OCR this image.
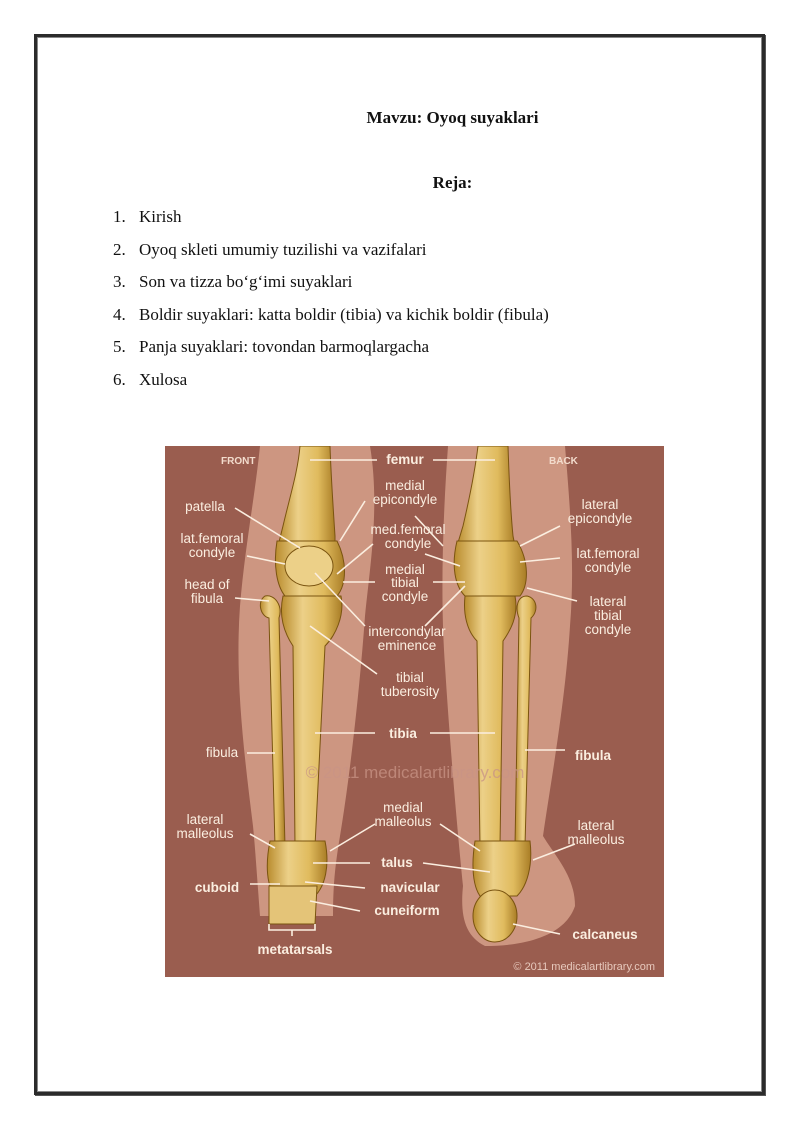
Mavzu: Oyoq suyaklari
Reja:
1. Kirish
2. Oyoq skleti umumiy tuzilishi va vazifalari
3. Son va tizza bo‘g‘imi suyaklari
4. Boldir suyaklari: katta boldir (tibia) va kichik boldir (fibula)
5. Panja suyaklari: tovondan barmoqlargacha
6. Xulosa
FRONT	BACK
femur
medial
epicondyle
patella
lat.femoral
condyle
med.femoral
condyle
head of
fibula
medial
tibial
condyle
intercondylar
eminence
tibial
tuberosity
lateral
epicondyle
lat.femoral
condyle
lateral
tibial
condyle
tibia
fibula	fibula
© 2011 medicalartlibrary.com
medial
malleolus
lateral
malleolus
lateral
malleolus
talus
cuboid	navicular
cuneiform
metatarsals
calcaneus
© 2011 medicalartlibrary.com
